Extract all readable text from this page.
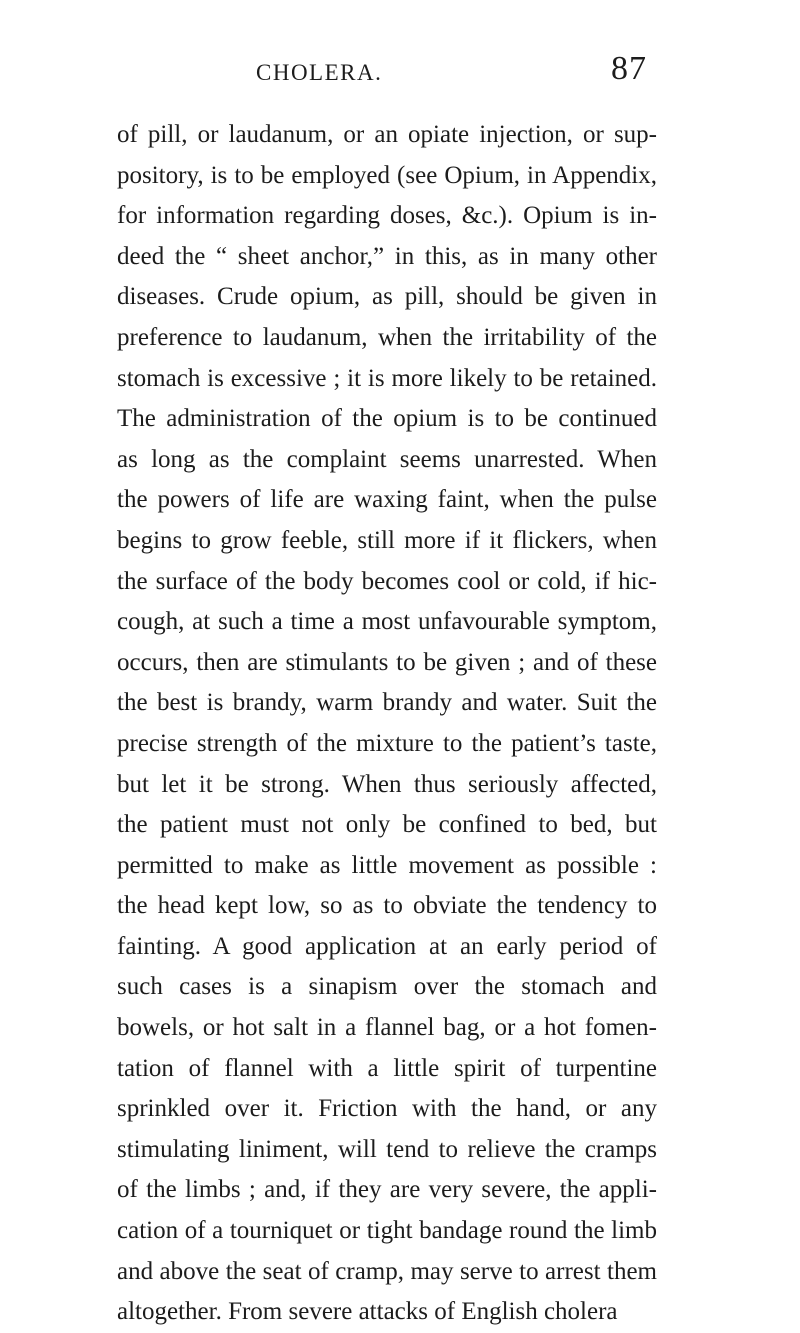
CHOLERA.	87
of pill, or laudanum, or an opiate injection, or sup-
pository, is to be employed (see Opium, in Appendix,
for information regarding doses, &c.). Opium is in-
deed the “ sheet anchor,” in this, as in many other
diseases. Crude opium, as pill, should be given in
preference to laudanum, when the irritability of the
stomach is excessive ; it is more likely to be retained.
The administration of the opium is to be continued
as long as the complaint seems unarrested. When
the powers of life are waxing faint, when the pulse
begins to grow feeble, still more if it flickers, when
the surface of the body becomes cool or cold, if hic-
cough, at such a time a most unfavourable symptom,
occurs, then are stimulants to be given ; and of these
the best is brandy, warm brandy and water. Suit the
precise strength of the mixture to the patient’s taste,
but let it be strong. When thus seriously affected,
the patient must not only be confined to bed, but
permitted to make as little movement as possible :
the head kept low, so as to obviate the tendency to
fainting. A good application at an early period of
such cases is a sinapism over the stomach and
bowels, or hot salt in a flannel bag, or a hot fomen-
tation of flannel with a little spirit of turpentine
sprinkled over it. Friction with the hand, or any
stimulating liniment, will tend to relieve the cramps
of the limbs ; and, if they are very severe, the appli-
cation of a tourniquet or tight bandage round the limb
and above the seat of cramp, may serve to arrest them
altogether. From severe attacks of English cholera
